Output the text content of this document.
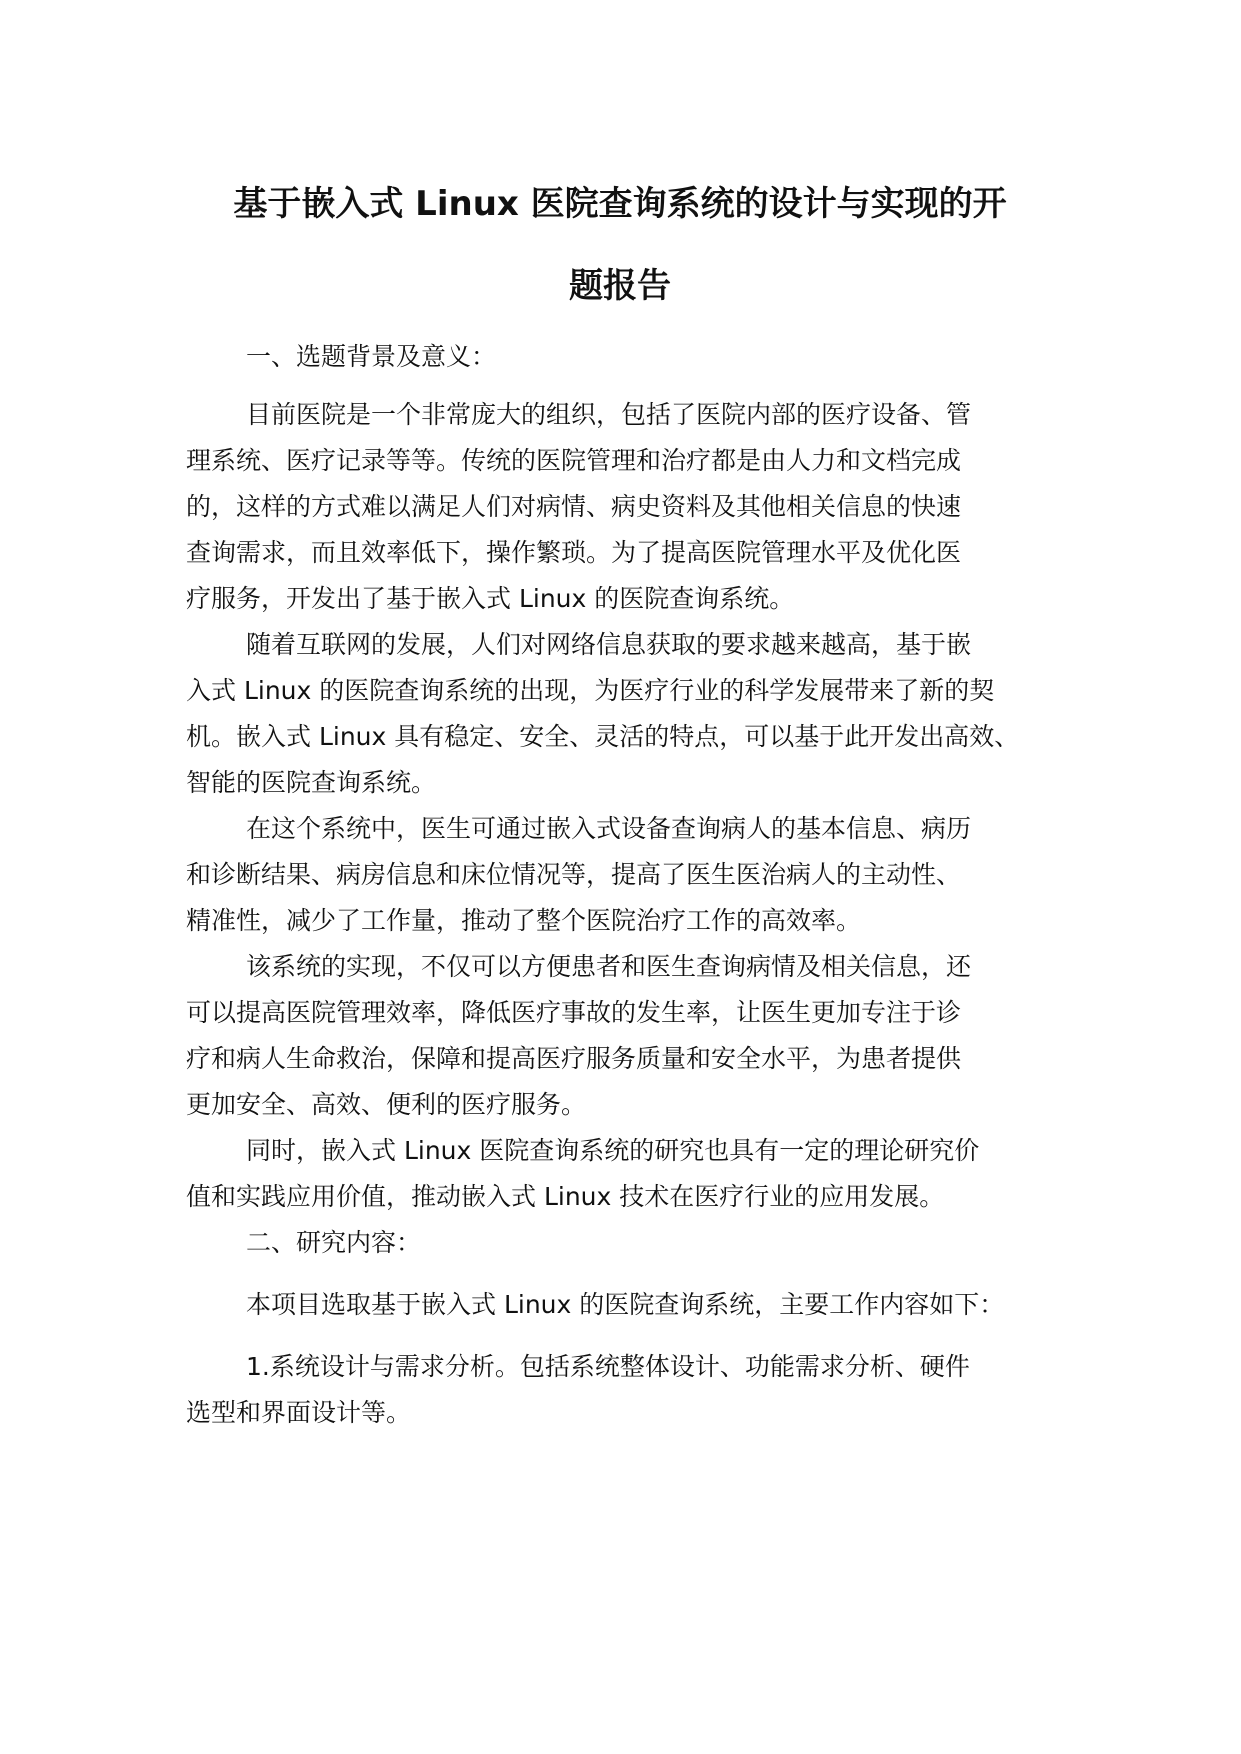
基于嵌入式 Linux 医院查询系统的设计与实现的开
题报告

一、选题背景及意义：

目前医院是一个非常庞大的组织，包括了医院内部的医疗设备、管
理系统、医疗记录等等。传统的医院管理和治疗都是由人力和文档完成
的，这样的方式难以满足人们对病情、病史资料及其他相关信息的快速
查询需求，而且效率低下，操作繁琐。为了提高医院管理水平及优化医
疗服务，开发出了基于嵌入式 Linux 的医院查询系统。

随着互联网的发展，人们对网络信息获取的要求越来越高，基于嵌
入式 Linux 的医院查询系统的出现，为医疗行业的科学发展带来了新的契
机。嵌入式 Linux 具有稳定、安全、灵活的特点，可以基于此开发出高效、
智能的医院查询系统。

在这个系统中，医生可通过嵌入式设备查询病人的基本信息、病历
和诊断结果、病房信息和床位情况等，提高了医生医治病人的主动性、
精准性，减少了工作量，推动了整个医院治疗工作的高效率。

该系统的实现，不仅可以方便患者和医生查询病情及相关信息，还
可以提高医院管理效率，降低医疗事故的发生率，让医生更加专注于诊
疗和病人生命救治，保障和提高医疗服务质量和安全水平，为患者提供
更加安全、高效、便利的医疗服务。

同时，嵌入式 Linux 医院查询系统的研究也具有一定的理论研究价
值和实践应用价值，推动嵌入式 Linux 技术在医疗行业的应用发展。

二、研究内容：

本项目选取基于嵌入式 Linux 的医院查询系统，主要工作内容如下：

1.系统设计与需求分析。包括系统整体设计、功能需求分析、硬件
选型和界面设计等。
